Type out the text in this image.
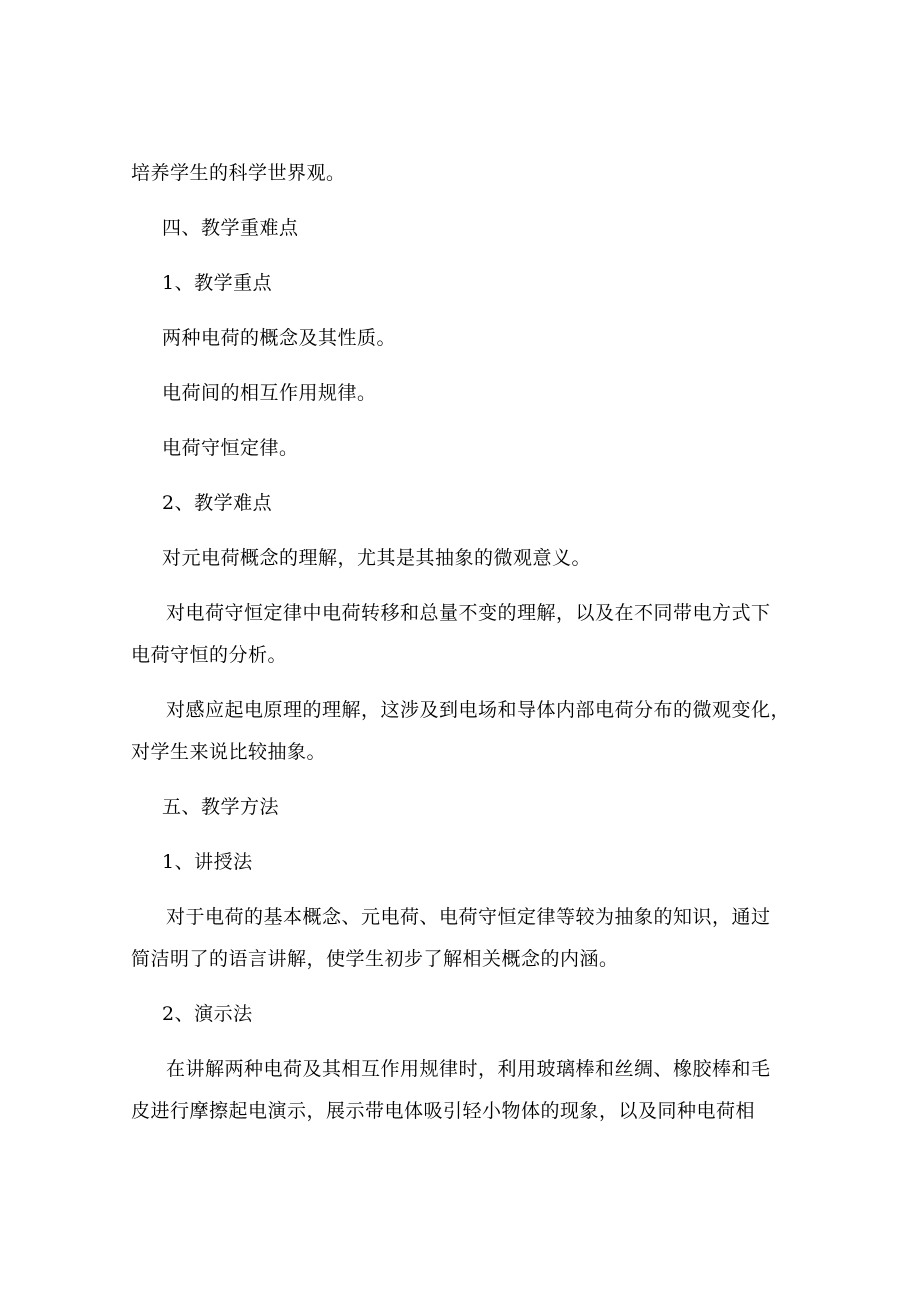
培养学生的科学世界观。
四、教学重难点
1、教学重点
两种电荷的概念及其性质。
电荷间的相互作用规律。
电荷守恒定律。
2、教学难点
对元电荷概念的理解，尤其是其抽象的微观意义。
对电荷守恒定律中电荷转移和总量不变的理解，以及在不同带电方式下
电荷守恒的分析。
对感应起电原理的理解，这涉及到电场和导体内部电荷分布的微观变化，
对学生来说比较抽象。
五、教学方法
1、讲授法
对于电荷的基本概念、元电荷、电荷守恒定律等较为抽象的知识，通过
简洁明了的语言讲解，使学生初步了解相关概念的内涵。
2、演示法
在讲解两种电荷及其相互作用规律时，利用玻璃棒和丝绸、橡胶棒和毛
皮进行摩擦起电演示，展示带电体吸引轻小物体的现象，以及同种电荷相
